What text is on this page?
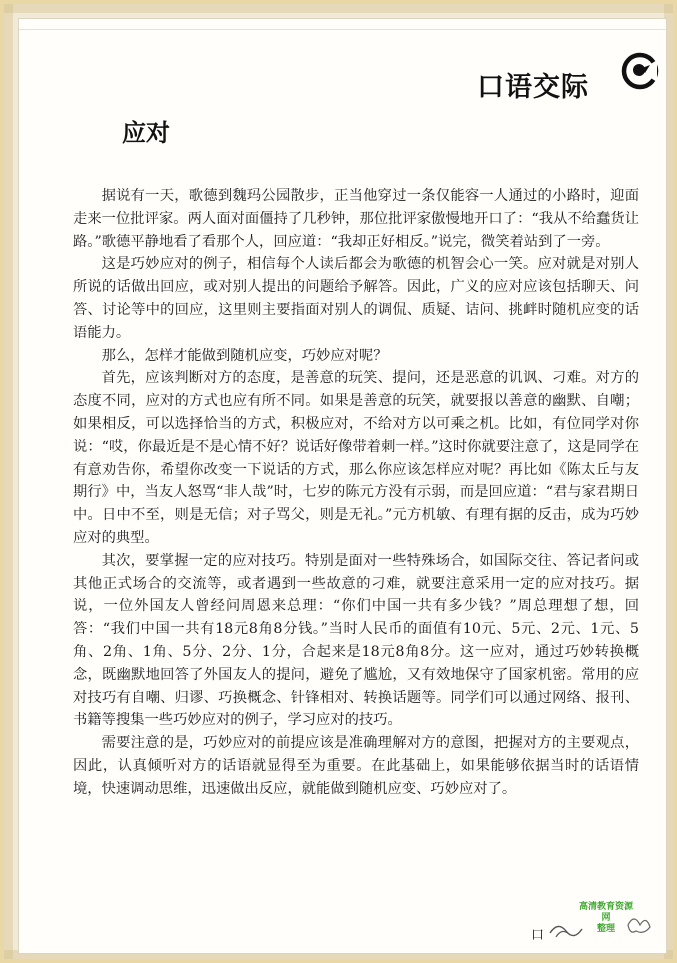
口语交际
应对

据说有一天，歌德到魏玛公园散步，正当他穿过一条仅能容一人通过的小路时，迎面走来一位批评家。两人面对面僵持了几秒钟，那位批评家傲慢地开口了：“我从不给蠢货让路。”歌德平静地看了看那个人，回应道：“我却正好相反。”说完，微笑着站到了一旁。

这是巧妙应对的例子，相信每个人读后都会为歌德的机智会心一笑。应对就是对别人所说的话做出回应，或对别人提出的问题给予解答。因此，广义的应对应该包括聊天、问答、讨论等中的回应，这里则主要指面对别人的调侃、质疑、诘问、挑衅时随机应变的话语能力。

那么，怎样才能做到随机应变，巧妙应对呢？

首先，应该判断对方的态度，是善意的玩笑、提问，还是恶意的讥讽、刁难。对方的态度不同，应对的方式也应有所不同。如果是善意的玩笑，就要报以善意的幽默、自嘲；如果相反，可以选择恰当的方式，积极应对，不给对方以可乘之机。比如，有位同学对你说：“哎，你最近是不是心情不好？说话好像带着刺一样。”这时你就要注意了，这是同学在有意劝告你，希望你改变一下说话的方式，那么你应该怎样应对呢？再比如《陈太丘与友期行》中，当友人怒骂“非人哉”时，七岁的陈元方没有示弱，而是回应道：“君与家君期日中。日中不至，则是无信；对子骂父，则是无礼。”元方机敏、有理有据的反击，成为巧妙应对的典型。

其次，要掌握一定的应对技巧。特别是面对一些特殊场合，如国际交往、答记者问或其他正式场合的交流等，或者遇到一些故意的刁难，就要注意采用一定的应对技巧。据说，一位外国友人曾经问周恩来总理：“你们中国一共有多少钱？”周总理想了想，回答：“我们中国一共有18元8角8分钱。”当时人民币的面值有10元、5元、2元、1元、5角、2角、1角、5分、2分、1分，合起来是18元8角8分。这一应对，通过巧妙转换概念，既幽默地回答了外国友人的提问，避免了尴尬，又有效地保守了国家机密。常用的应对技巧有自嘲、归谬、巧换概念、针锋相对、转换话题等。同学们可以通过网络、报刊、书籍等搜集一些巧妙应对的例子，学习应对的技巧。

需要注意的是，巧妙应对的前提应该是准确理解对方的意图，把握对方的主要观点，因此，认真倾听对方的话语就显得至为重要。在此基础上，如果能够依据当时的话语情境，快速调动思维，迅速做出反应，就能做到随机应变、巧妙应对了。

高清教育资源网
整理
口
